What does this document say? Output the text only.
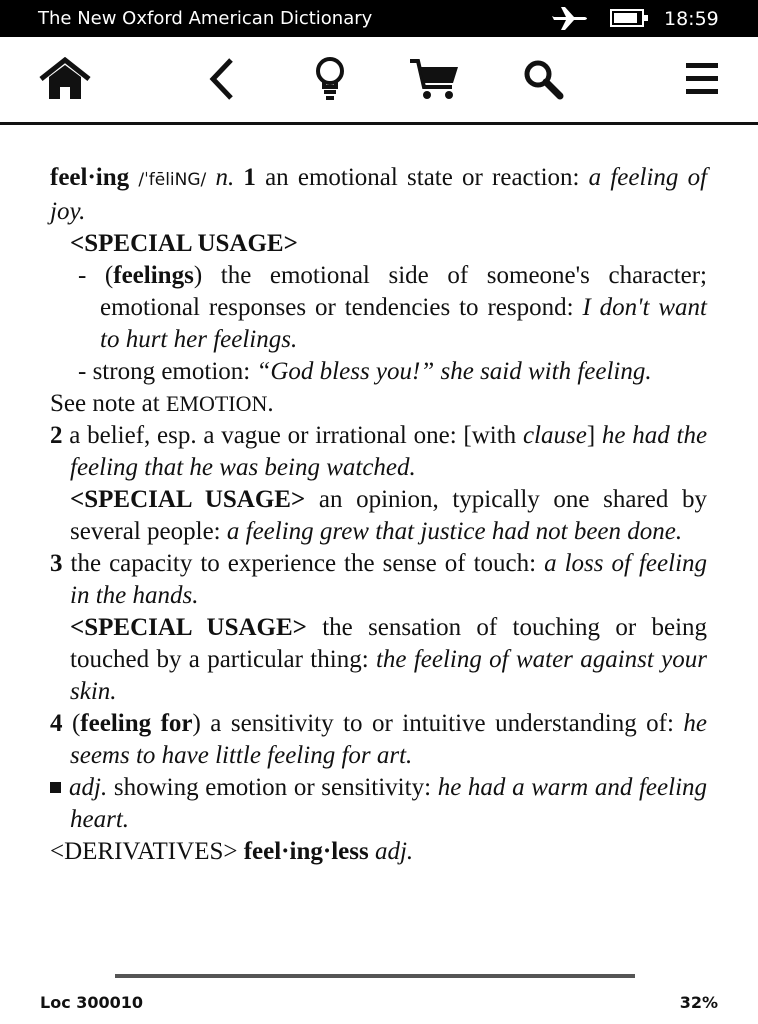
The New Oxford American Dictionary	18:59

feel·ing /ˈfēliNG/ n. 1 an emotional state or reaction: a feeling of joy.

<SPECIAL USAGE>

- (feelings) the emotional side of someone's character; emotional responses or tendencies to respond: I don't want to hurt her feelings.

- strong emotion: “God bless you!” she said with feeling.

See note at EMOTION.

2 a belief, esp. a vague or irrational one: [with clause] he had the feeling that he was being watched.

<SPECIAL USAGE> an opinion, typically one shared by several people: a feeling grew that justice had not been done.

3 the capacity to experience the sense of touch: a loss of feeling in the hands.

<SPECIAL USAGE> the sensation of touching or being touched by a particular thing: the feeling of water against your skin.

4 (feeling for) a sensitivity to or intuitive understanding of: he seems to have little feeling for art.

adj. showing emotion or sensitivity: he had a warm and feeling heart.

<DERIVATIVES> feel·ing·less adj.

Loc 300010	32%
